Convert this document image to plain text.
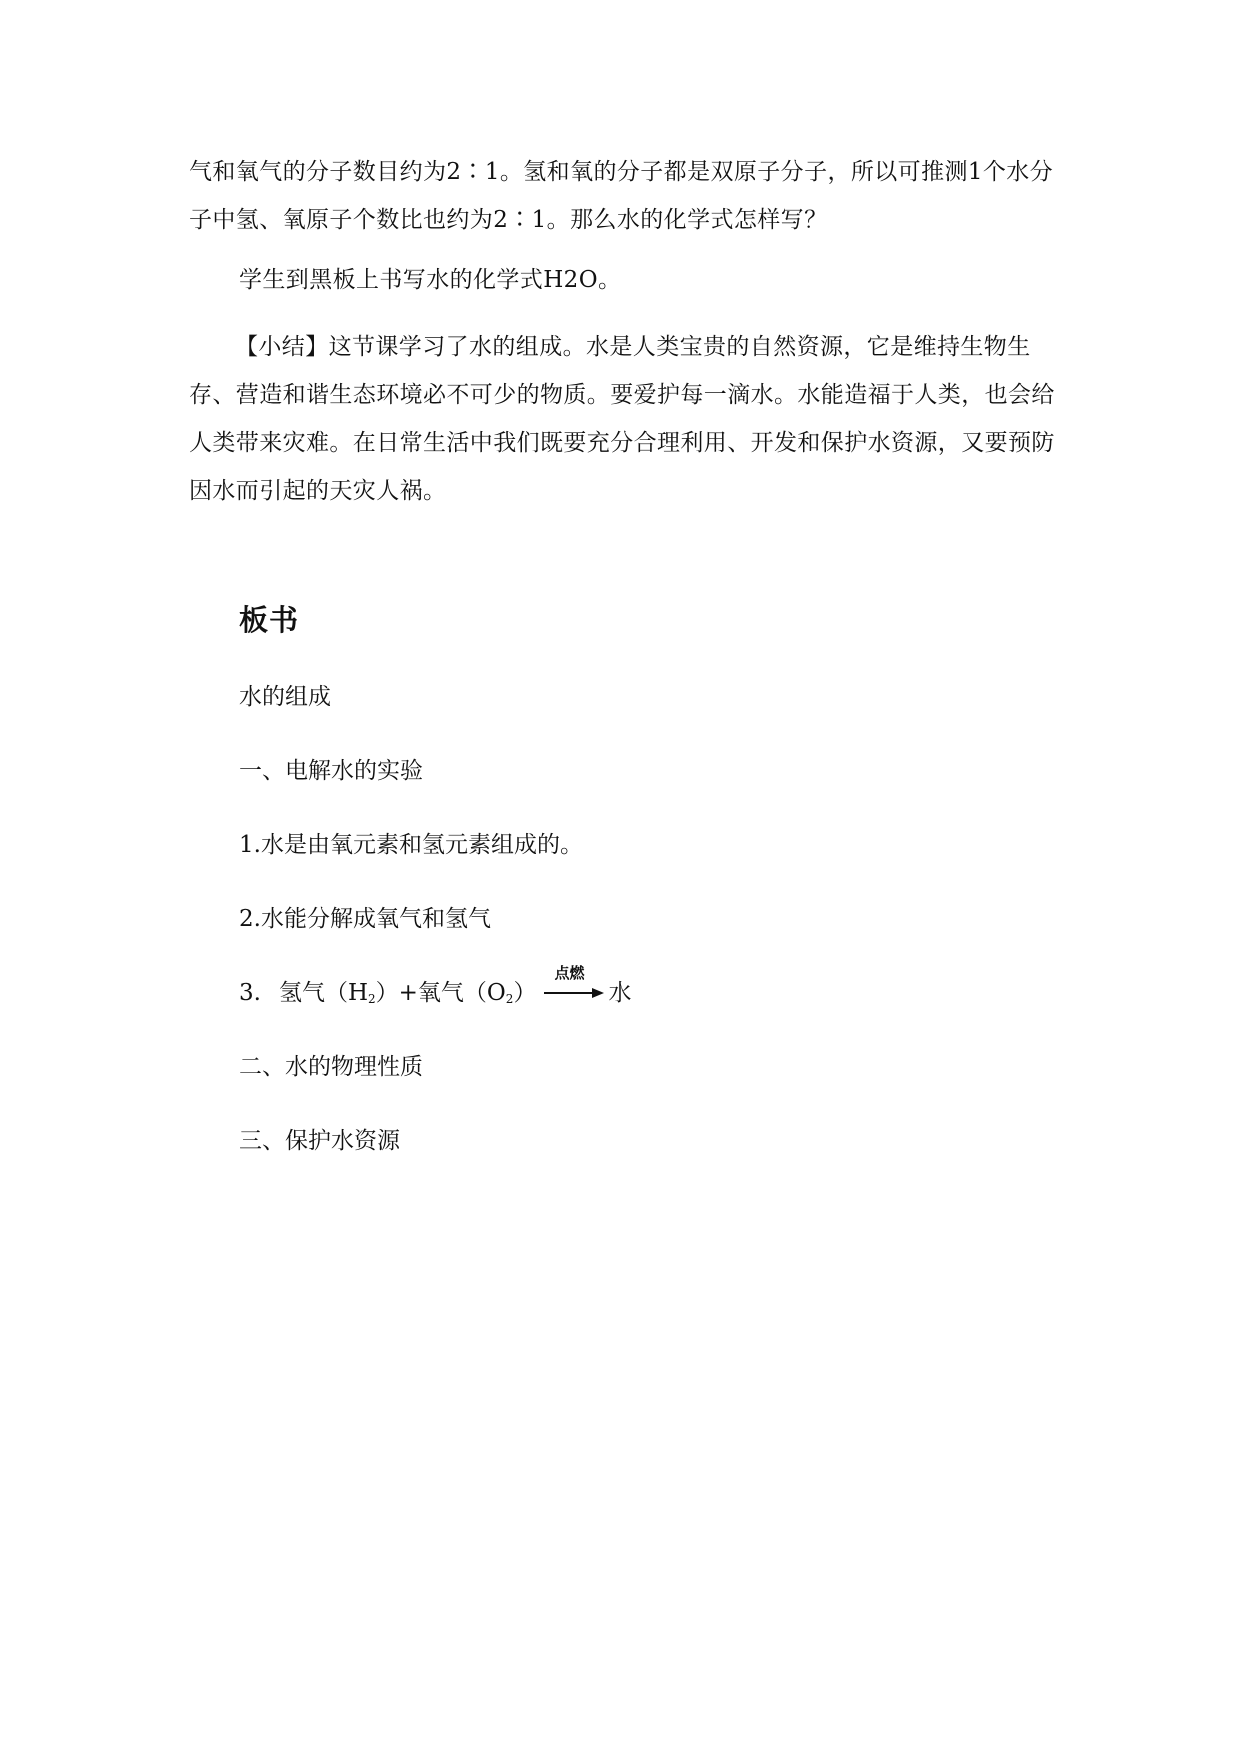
气和氧气的分子数目约为2∶1。氢和氧的分子都是双原子分子，所以可推测1个水分子中氢、氧原子个数比也约为2∶1。那么水的化学式怎样写？

学生到黑板上书写水的化学式H2O。

【小结】这节课学习了水的组成。水是人类宝贵的自然资源，它是维持生物生存、营造和谐生态环境必不可少的物质。要爱护每一滴水。水能造福于人类，也会给人类带来灾难。在日常生活中我们既要充分合理利用、开发和保护水资源，又要预防因水而引起的天灾人祸。

板书

水的组成

一、电解水的实验

1.水是由氧元素和氢元素组成的。

2.水能分解成氧气和氢气

3. 氢气（H 2 ）+氧气（O 2 ）
点燃
水

二、水的物理性质

三、保护水资源
